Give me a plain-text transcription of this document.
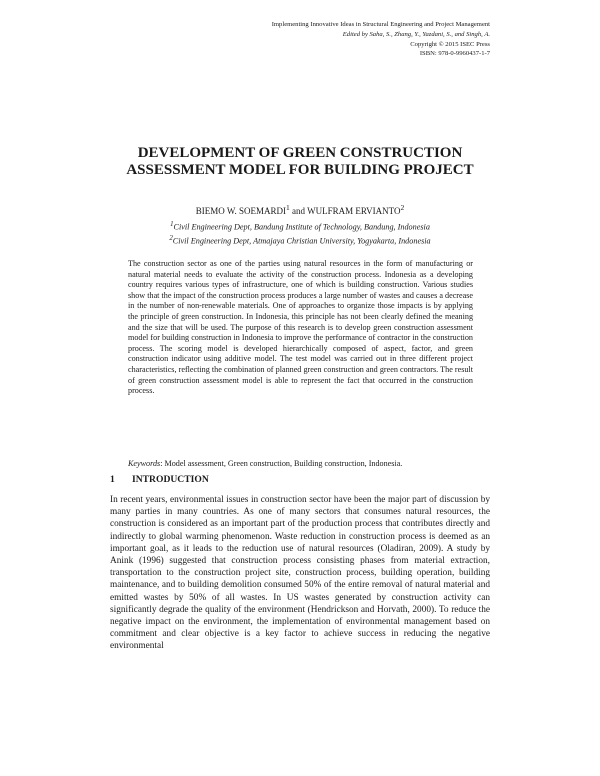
Implementing Innovative Ideas in Structural Engineering and Project Management
Edited by Saha, S., Zhang, Y., Yazdani, S., and Singh, A.
Copyright © 2015 ISEC Press
ISBN: 978-0-9960437-1-7
DEVELOPMENT OF GREEN CONSTRUCTION ASSESSMENT MODEL FOR BUILDING PROJECT
BIEMO W. SOEMARDI$^1$ and WULFRAM ERVIANTO$^2$
$^1$Civil Engineering Dept, Bandung Institute of Technology, Bandung, Indonesia
$^2$Civil Engineering Dept, Atmajaya Christian University, Yogyakarta, Indonesia

The construction sector as one of the parties using natural resources in the form of manufacturing or natural material needs to evaluate the activity of the construction process. Indonesia as a developing country requires various types of infrastructure, one of which is building construction. Various studies show that the impact of the construction process produces a large number of wastes and causes a decrease in the number of non-renewable materials. One of approaches to organize those impacts is by applying the principle of green construction. In Indonesia, this principle has not been clearly defined the meaning and the size that will be used. The purpose of this research is to develop green construction assessment model for building construction in Indonesia to improve the performance of contractor in the construction process. The scoring model is developed hierarchically composed of aspect, factor, and green construction indicator using additive model. The test model was carried out in three different project characteristics, reflecting the combination of planned green construction and green contractors. The result of green construction assessment model is able to represent the fact that occurred in the construction process.

Keywords: Model assessment, Green construction, Building construction, Indonesia.
1 INTRODUCTION

In recent years, environmental issues in construction sector have been the major part of discussion by many parties in many countries. As one of many sectors that consumes natural resources, the construction is considered as an important part of the production process that contributes directly and indirectly to global warming phenomenon. Waste reduction in construction process is deemed as an important goal, as it leads to the reduction use of natural resources (Oladiran, 2009). A study by Anink (1996) suggested that construction process consisting phases from material extraction, transportation to the construction project site, construction process, building operation, building maintenance, and to building demolition consumed 50% of the entire removal of natural material and emitted wastes by 50% of all wastes. In US wastes generated by construction activity can significantly degrade the quality of the environment (Hendrickson and Horvath, 2000). To reduce the negative impact on the environment, the implementation of environmental management based on commitment and clear objective is a key factor to achieve success in reducing the negative environmental
